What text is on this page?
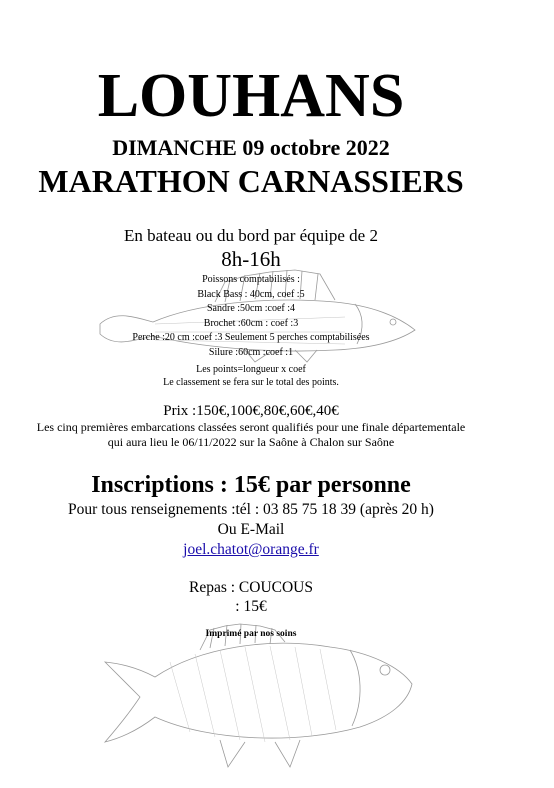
LOUHANS
DIMANCHE 09 octobre 2022
MARATHON CARNASSIERS
En bateau ou du bord par équipe de 2
8h-16h
Poissons comptabilisés :
Black Bass : 40cm, coef :5
Sandre :50cm :coef :4
Brochet :60cm : coef :3
Perche :20 cm :coef :3 Seulement 5 perches comptabilisées
Silure :60cm :coef :1
Les points=longueur x coef
Le classement se fera sur le total des points.
Prix :150€,100€,80€,60€,40€
Les cinq premières embarcations classées seront qualifiés pour une finale départementale
qui aura lieu le 06/11/2022 sur la Saône à Chalon sur Saône
Inscriptions : 15€ par personne
Pour tous renseignements :tél : 03 85 75 18 39 (après 20 h)
Ou E-Mail
joel.chatot@orange.fr
Repas : COUCOUS
: 15€
Imprimé par nos soins
